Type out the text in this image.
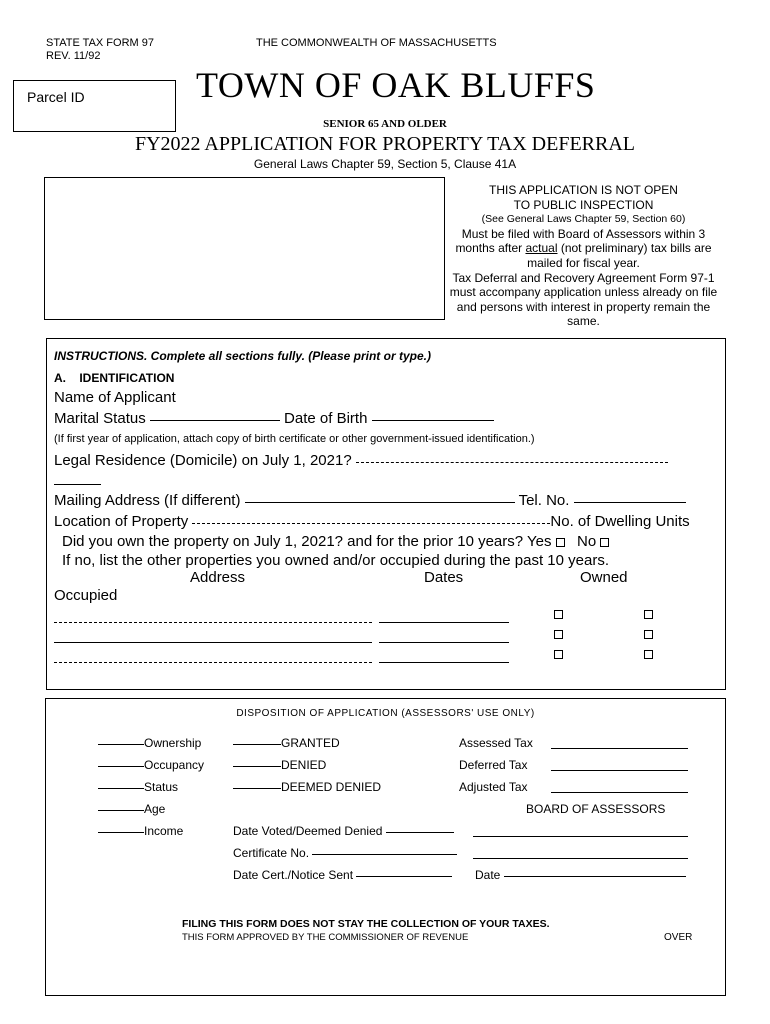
STATE TAX FORM 97
REV. 11/92
THE COMMONWEALTH OF MASSACHUSETTS
Parcel ID	TOWN OF OAK BLUFFS
SENIOR 65 AND OLDER
FY2022 APPLICATION FOR PROPERTY TAX DEFERRAL
General Laws Chapter 59, Section 5, Clause 41A
THIS APPLICATION IS NOT OPEN
TO PUBLIC INSPECTION
(See General Laws Chapter 59, Section 60)
Must be filed with Board of Assessors within 3
months after actual (not preliminary) tax bills are
mailed for fiscal year.
Tax Deferral and Recovery Agreement Form 97-1
must accompany application unless already on file
and persons with interest in property remain the
same.
INSTRUCTIONS. Complete all sections fully. (Please print or type.)
A. IDENTIFICATION
Name of Applicant
Marital Status	Date of Birth
(If first year of application, attach copy of birth certificate or other government-issued identification.)
Legal Residence (Domicile) on July 1, 2021?
Mailing Address (If different)	Tel. No.
Location of Property	No. of Dwelling Units
Did you own the property on July 1, 2021? and for the prior 10 years? Yes No
If no, list the other properties you owned and/or occupied during the past 10 years.
Address	Dates	Owned
Occupied
DISPOSITION OF APPLICATION (ASSESSORS' USE ONLY)
Ownership
Occupancy
Status
Age
Income
GRANTED
DENIED
DEEMED DENIED
Assessed Tax
Deferred Tax
Adjusted Tax
BOARD OF ASSESSORS
Date Voted/Deemed Denied
Certificate No.
Date Cert./Notice Sent	Date
FILING THIS FORM DOES NOT STAY THE COLLECTION OF YOUR TAXES.
THIS FORM APPROVED BY THE COMMISSIONER OF REVENUE	OVER
